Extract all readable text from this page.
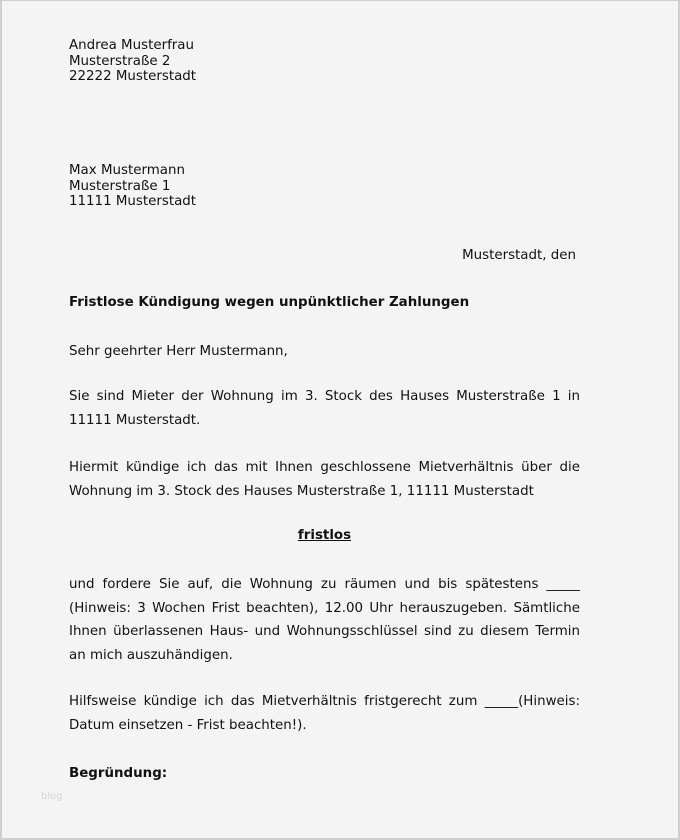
Andrea Musterfrau
Musterstraße 2
22222 Musterstadt
Max Mustermann
Musterstraße 1
11111 Musterstadt
Musterstadt, den
Fristlose Kündigung wegen unpünktlicher Zahlungen
Sehr geehrter Herr Mustermann,
Sie sind Mieter der Wohnung im 3. Stock des Hauses Musterstraße 1 in 11111 Musterstadt.
Hiermit kündige ich das mit Ihnen geschlossene Mietverhältnis über die Wohnung im 3. Stock des Hauses Musterstraße 1, 11111 Musterstadt
fristlos
und fordere Sie auf, die Wohnung zu räumen und bis spätestens _____ (Hinweis: 3 Wochen Frist beachten), 12.00 Uhr herauszugeben. Sämtliche Ihnen überlassenen Haus- und Wohnungsschlüssel sind zu diesem Termin an mich auszuhändigen.
Hilfsweise kündige ich das Mietverhältnis fristgerecht zum _____(Hinweis: Datum einsetzen - Frist beachten!).
Begründung:
blog
